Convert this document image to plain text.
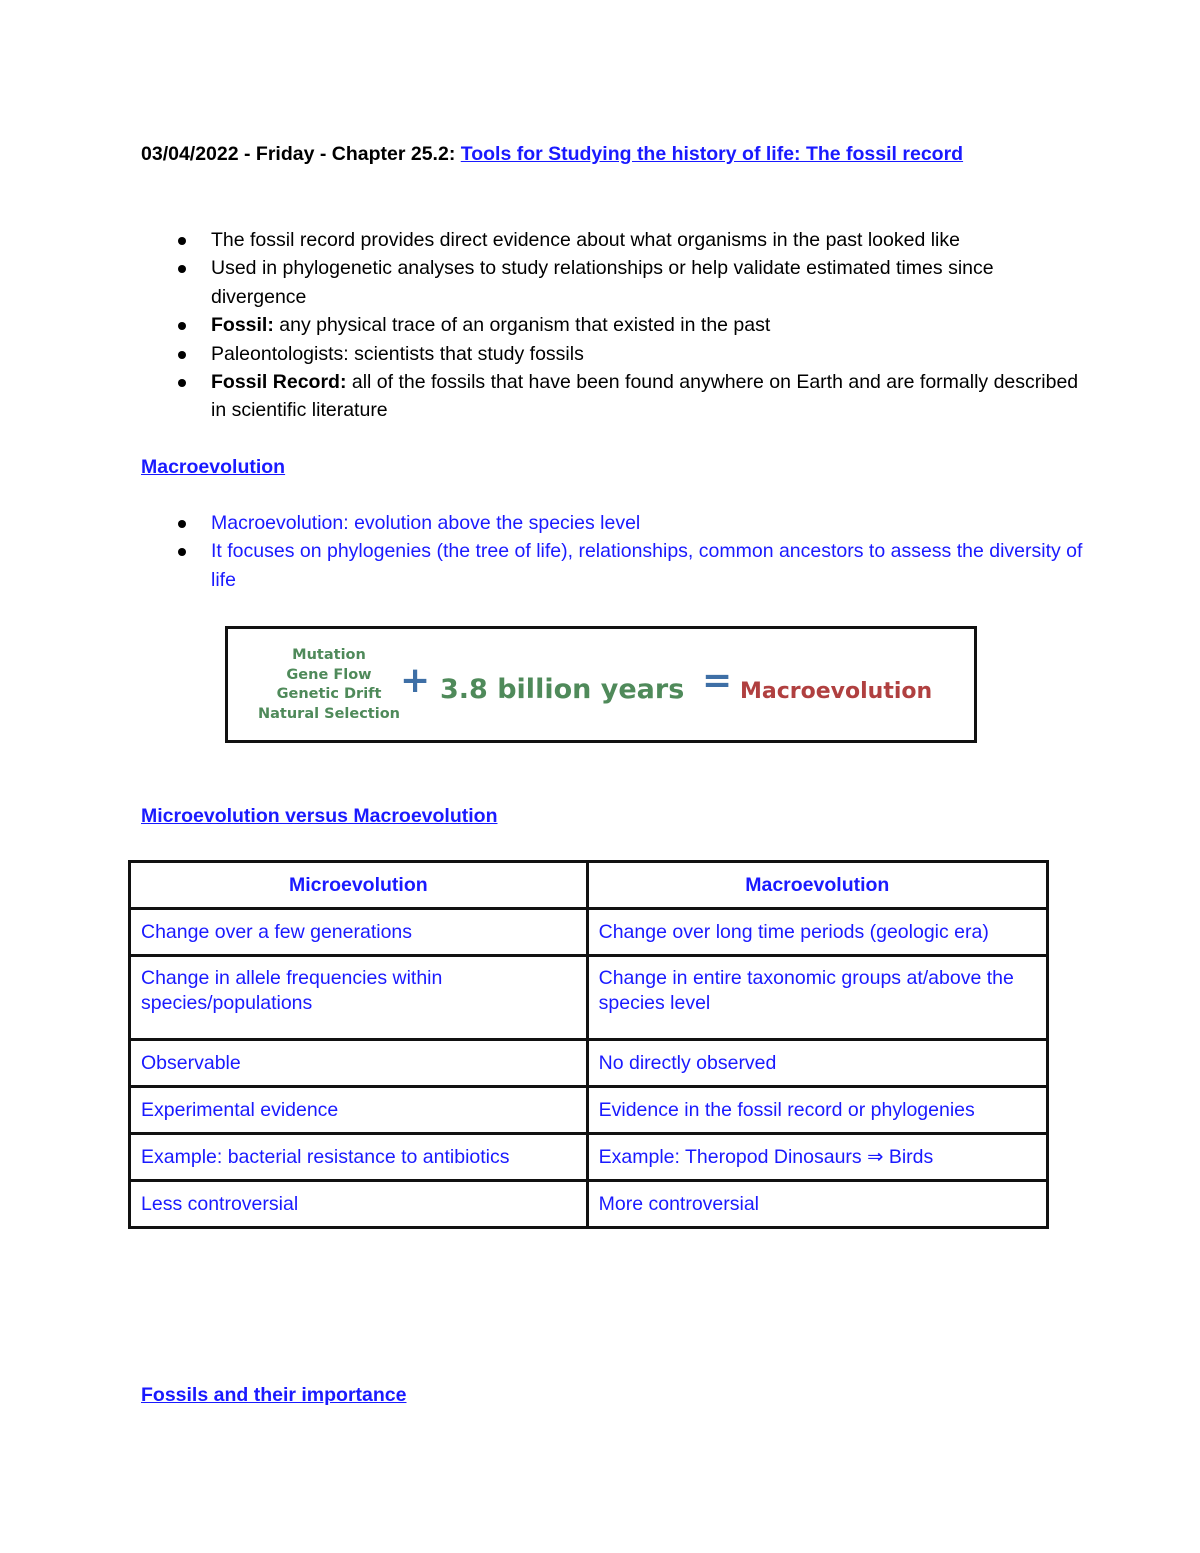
03/04/2022 - Friday - Chapter 25.2: Tools for Studying the history of life: The fossil record
The fossil record provides direct evidence about what organisms in the past looked like
Used in phylogenetic analyses to study relationships or help validate estimated times since divergence
Fossil: any physical trace of an organism that existed in the past
Paleontologists: scientists that study fossils
Fossil Record: all of the fossils that have been found anywhere on Earth and are formally described in scientific literature
Macroevolution
Macroevolution: evolution above the species level
It focuses on phylogenies (the tree of life), relationships, common ancestors to assess the diversity of life
Mutation
Gene Flow
Genetic Drift
Natural Selection
+ 3.8 billion years = Macroevolution
Microevolution versus Macroevolution
Microevolution	Macroevolution
Change over a few generations	Change over long time periods (geologic era)
Change in allele frequencies within species/populations	Change in entire taxonomic groups at/above the species level
Observable	No directly observed
Experimental evidence	Evidence in the fossil record or phylogenies
Example: bacterial resistance to antibiotics	Example: Theropod Dinosaurs ⇒ Birds
Less controversial	More controversial
Fossils and their importance
